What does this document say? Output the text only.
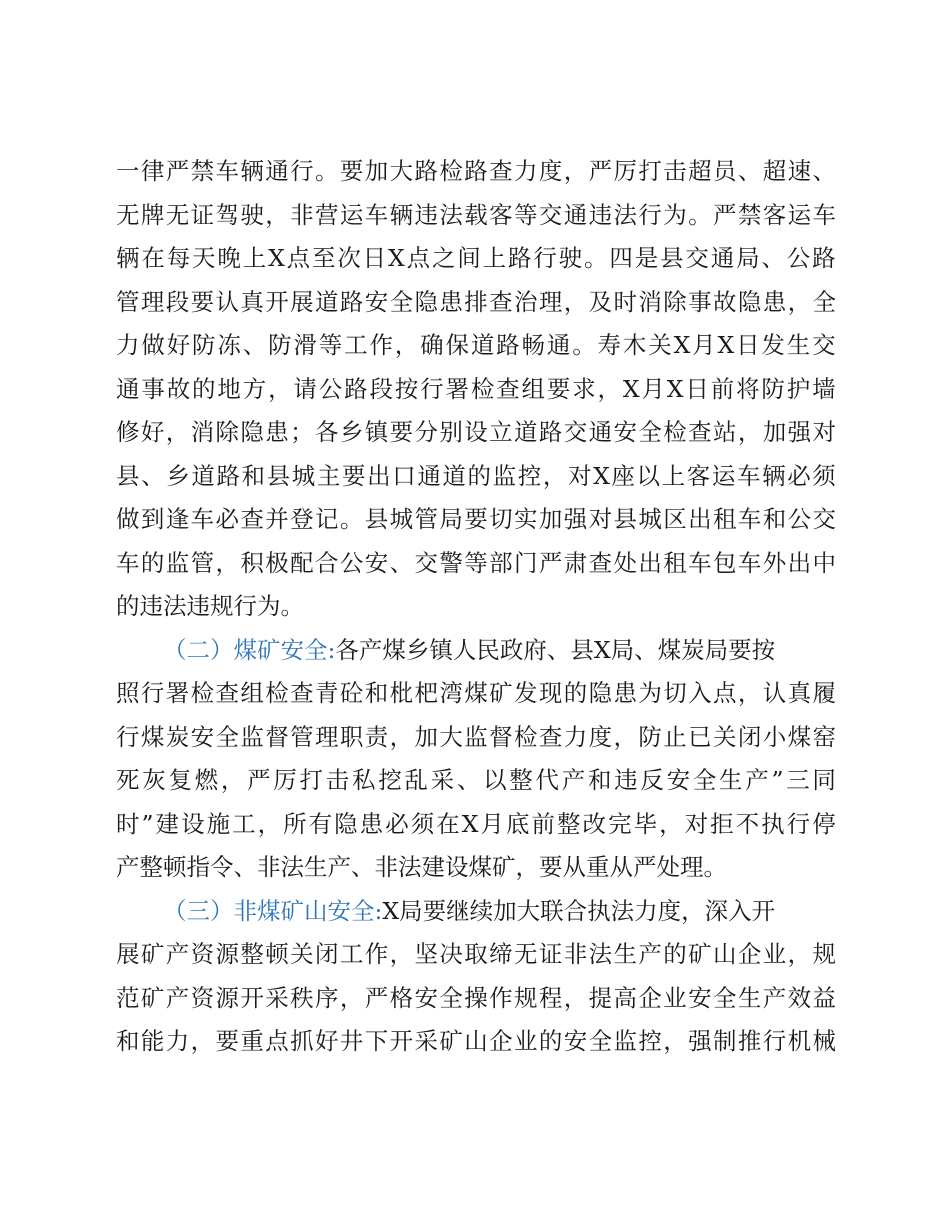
一 律 严 禁 车 辆 通 行 。 要 加 大 路 检 路 查 力 度 ， 严 厉 打 击 超 员 、 超 速 、
无 牌 无 证 驾 驶 ， 非 营 运 车 辆 违 法 载 客 等 交 通 违 法 行 为 。 严 禁 客 运 车
辆 在 每 天 晚 上 X 点 至 次 日 X 点 之 间 上 路 行 驶 。 四 是 县 交 通 局 、 公 路
管 理 段 要 认 真 开 展 道 路 安 全 隐 患 排 查 治 理 ， 及 时 消 除 事 故 隐 患 ， 全
力 做 好 防 冻 、 防 滑 等 工 作 ， 确 保 道 路 畅 通 。 寿 木 关 X 月 X 日 发 生 交
通 事 故 的 地 方 ， 请 公 路 段 按 行 署 检 查 组 要 求 ， X 月 X 日 前 将 防 护 墙
修 好 ， 消 除 隐 患 ； 各 乡 镇 要 分 别 设 立 道 路 交 通 安 全 检 查 站 ， 加 强 对
县 、 乡 道 路 和 县 城 主 要 出 口 通 道 的 监 控 ， 对 X 座 以 上 客 运 车 辆 必 须
做 到 逢 车 必 查 并 登 记 。 县 城 管 局 要 切 实 加 强 对 县 城 区 出 租 车 和 公 交
车 的 监 管 ， 积 极 配 合 公 安 、 交 警 等 部 门 严 肃 查 处 出 租 车 包 车 外 出 中
的违法违规行为。
（二）煤矿安全:各产煤乡镇人民政府、县X局、煤炭局要按
照 行 署 检 查 组 检 查 青 砼 和 枇 杷 湾 煤 矿 发 现 的 隐 患 为 切 入 点 ， 认 真 履
行 煤 炭 安 全 监 督 管 理 职 责 ， 加 大 监 督 检 查 力 度 ， 防 止 已 关 闭 小 煤 窑
死 灰 复 燃 ， 严 厉 打 击 私 挖 乱 采 、 以 整 代 产 和 违 反 安 全 生 产 ” 三 同
时 ” 建 设 施 工 ， 所 有 隐 患 必 须 在 X 月 底 前 整 改 完 毕 ， 对 拒 不 执 行 停
产整顿指令、非法生产、非法建设煤矿，要从重从严处理。
（三）非煤矿山安全:X局要继续加大联合执法力度，深入开
展 矿 产 资 源 整 顿 关 闭 工 作 ， 坚 决 取 缔 无 证 非 法 生 产 的 矿 山 企 业 ， 规
范 矿 产 资 源 开 采 秩 序 ， 严 格 安 全 操 作 规 程 ， 提 高 企 业 安 全 生 产 效 益
和 能 力 ， 要 重 点 抓 好 井 下 开 采 矿 山 企 业 的 安 全 监 控 ， 强 制 推 行 机 械
